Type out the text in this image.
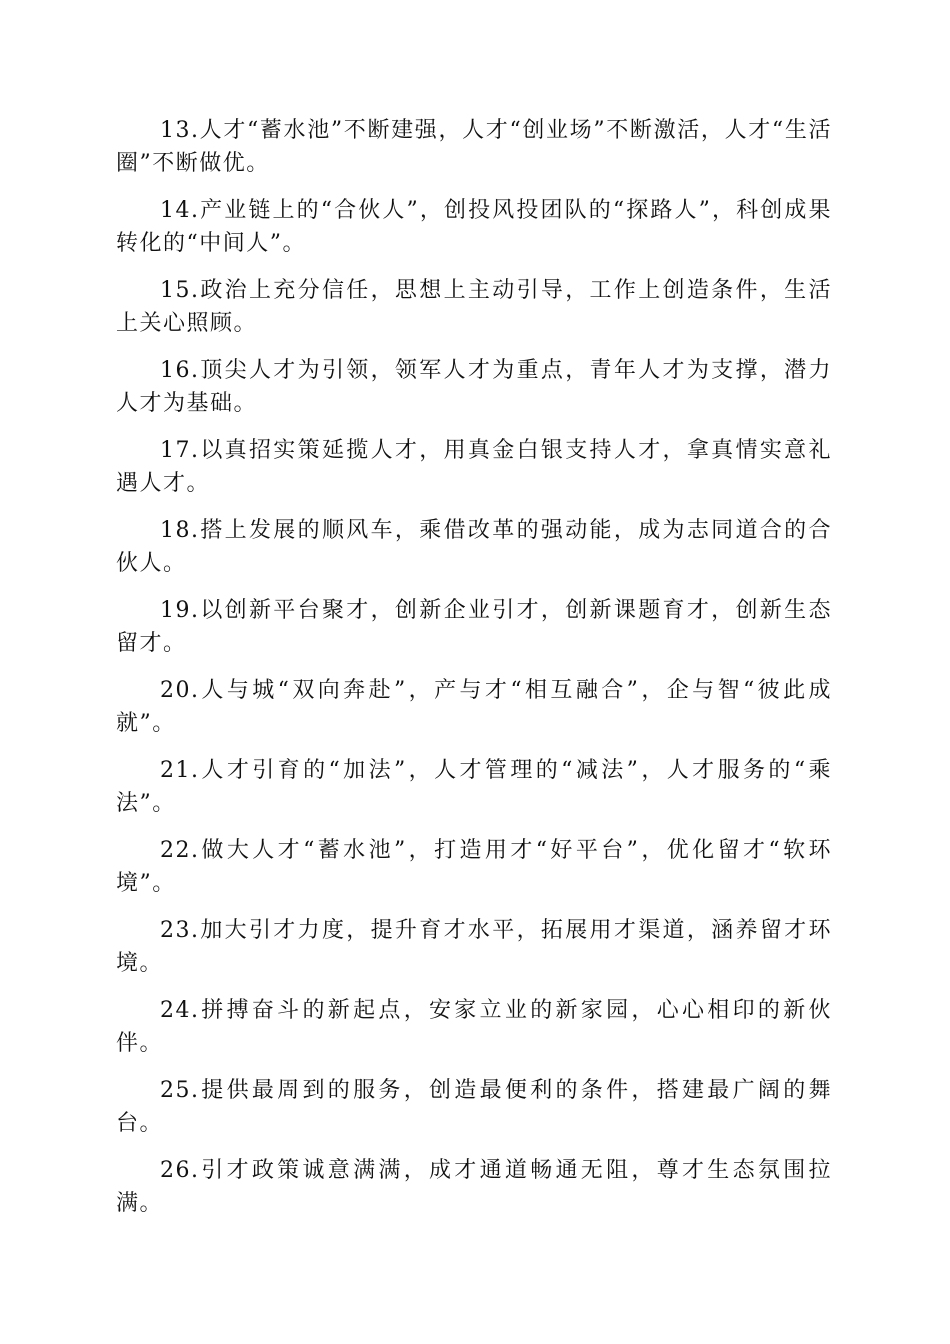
13.人才“蓄水池”不断建强，人才“创业场”不断激活，人才“生活圈”不断做优。

14.产业链上的“合伙人”，创投风投团队的“探路人”，科创成果转化的“中间人”。

15.政治上充分信任，思想上主动引导，工作上创造条件，生活上关心照顾。

16.顶尖人才为引领，领军人才为重点，青年人才为支撑，潜力人才为基础。

17.以真招实策延揽人才，用真金白银支持人才，拿真情实意礼遇人才。

18.搭上发展的顺风车，乘借改革的强动能，成为志同道合的合伙人。

19.以创新平台聚才，创新企业引才，创新课题育才，创新生态留才。

20.人与城“双向奔赴”，产与才“相互融合”，企与智“彼此成就”。

21.人才引育的“加法”，人才管理的“减法”，人才服务的“乘法”。

22.做大人才“蓄水池”，打造用才“好平台”，优化留才“软环境”。

23.加大引才力度，提升育才水平，拓展用才渠道，涵养留才环境。

24.拼搏奋斗的新起点，安家立业的新家园，心心相印的新伙伴。

25.提供最周到的服务，创造最便利的条件，搭建最广阔的舞台。

26.引才政策诚意满满，成才通道畅通无阻，尊才生态氛围拉满。
